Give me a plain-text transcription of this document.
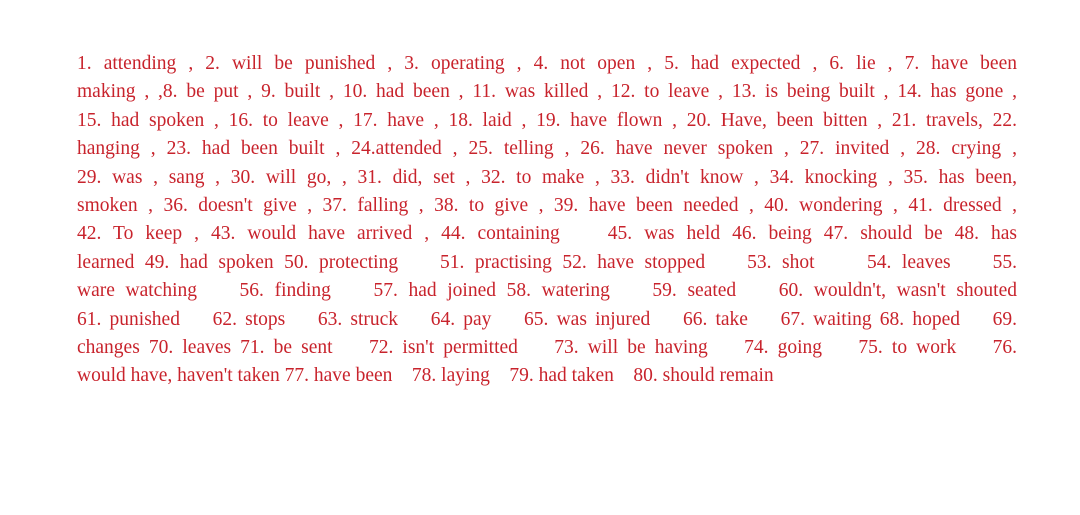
1. attending , 2. will be punished , 3. operating , 4. not open , 5. had expected , 6. lie , 7. have been
making , ,8. be put , 9. built , 10. had been , 11. was killed , 12. to leave , 13. is being built , 14. has gone ,
15. had spoken , 16. to leave , 17. have , 18. laid , 19. have flown , 20. Have, been bitten , 21. travels, 22.
hanging , 23. had been built , 24.attended , 25. telling , 26. have never spoken , 27. invited , 28. crying ,
29. was , sang , 30. will go, , 31. did, set , 32. to make , 33. didn't know , 34. knocking , 35. has been,
smoken , 36. doesn't give , 37. falling , 38. to give , 39. have been needed , 40. wondering , 41. dressed ,
42. To keep , 43. would have arrived , 44. containing    45. was held 46. being 47. should be 48. has
learned 49. had spoken 50. protecting    51. practising 52. have stopped    53. shot     54. leaves    55.
ware watching    56. finding    57. had joined 58. watering    59. seated    60. wouldn't, wasn't shouted
61. punished    62. stops    63. struck    64. pay    65. was injured    66. take    67. waiting 68. hoped    69.
changes 70. leaves 71. be sent    72. isn't permitted    73. will be having    74. going    75. to work    76.
would have, haven't taken 77. have been    78. laying    79. had taken    80. should remain
